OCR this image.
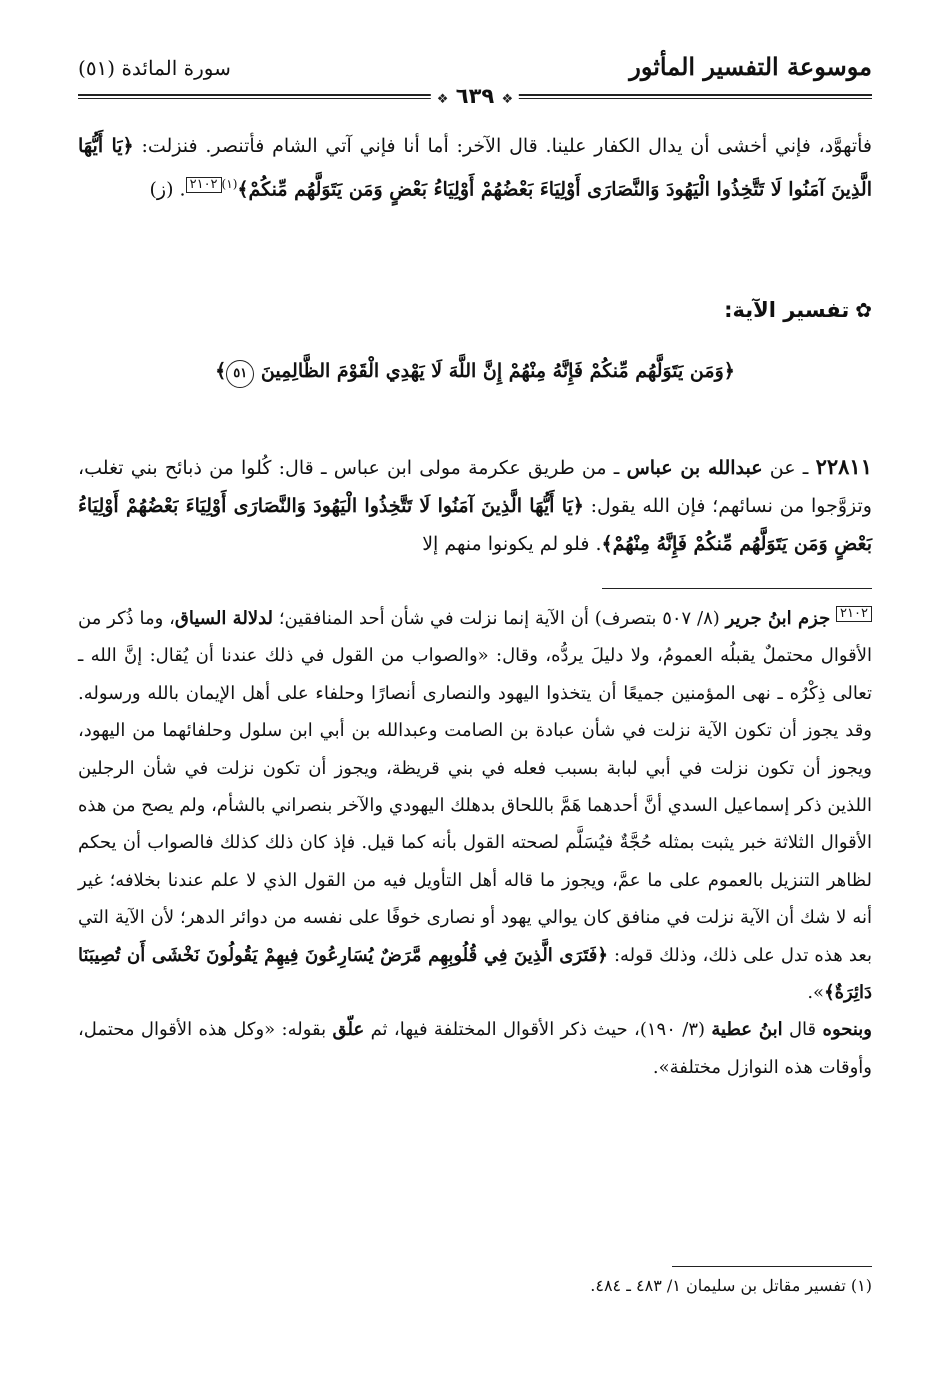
موسوعة التفسير المأثور
سورة المائدة (٥١)
❖ ٦٣٩ ❖
فأتهوَّد، فإني أخشى أن يدال الكفار علينا. قال الآخر: أما أنا فإني آتي الشام فأتنصر. فنزلت: ﴿يَا أَيُّهَا الَّذِينَ آمَنُوا لَا تَتَّخِذُوا الْيَهُودَ وَالنَّصَارَى أَوْلِيَاءَ بَعْضُهُمْ أَوْلِيَاءُ بَعْضٍ وَمَن يَتَوَلَّهُم مِّنكُمْ﴾$^{(١)}$٢١٠٢. (ز)
✿تفسير الآية:
﴿وَمَن يَتَوَلَّهُم مِّنكُمْ فَإِنَّهُ مِنْهُمْ إِنَّ اللَّهَ لَا يَهْدِي الْقَوْمَ الظَّالِمِينَ ٥١﴾
٢٢٨١١ ـ عن عبدالله بن عباس ـ من طريق عكرمة مولى ابن عباس ـ قال: كُلوا من ذبائح بني تغلب، وتزوَّجوا من نسائهم؛ فإن الله يقول: ﴿يَا أَيُّهَا الَّذِينَ آمَنُوا لَا تَتَّخِذُوا الْيَهُودَ وَالنَّصَارَى أَوْلِيَاءَ بَعْضُهُمْ أَوْلِيَاءُ بَعْضٍ وَمَن يَتَوَلَّهُم مِّنكُمْ فَإِنَّهُ مِنْهُمْ﴾. فلو لم يكونوا منهم إلا
٢١٠٢ جزم ابنُ جرير (٨/ ٥٠٧ بتصرف) أن الآية إنما نزلت في شأن أحد المنافقين؛ لدلالة السياق، وما ذُكر من الأقوال محتملٌ يقبلُه العمومُ، ولا دليلَ يردُّه، وقال: «والصواب من القول في ذلك عندنا أن يُقال: إنَّ الله ـ تعالى ذِكْرُه ـ نهى المؤمنين جميعًا أن يتخذوا اليهود والنصارى أنصارًا وحلفاء على أهل الإيمان بالله ورسوله. وقد يجوز أن تكون الآية نزلت في شأن عبادة بن الصامت وعبدالله بن أبي ابن سلول وحلفائهما من اليهود، ويجوز أن تكون نزلت في أبي لبابة بسبب فعله في بني قريظة، ويجوز أن تكون نزلت في شأن الرجلين اللذين ذكر إسماعيل السدي أنَّ أحدهما هَمَّ باللحاق بدهلك اليهودي والآخر بنصراني بالشأم، ولم يصح من هذه الأقوال الثلاثة خبر يثبت بمثله حُجَّةٌ فيُسَلَّم لصحته القول بأنه كما قيل. فإذ كان ذلك كذلك فالصواب أن يحكم لظاهر التنزيل بالعموم على ما عمَّ، ويجوز ما قاله أهل التأويل فيه من القول الذي لا علم عندنا بخلافه؛ غير أنه لا شك أن الآية نزلت في منافق كان يوالي يهود أو نصارى خوفًا على نفسه من دوائر الدهر؛ لأن الآية التي بعد هذه تدل على ذلك، وذلك قوله: ﴿فَتَرَى الَّذِينَ فِي قُلُوبِهِم مَّرَضٌ يُسَارِعُونَ فِيهِمْ يَقُولُونَ نَخْشَى أَن تُصِيبَنَا دَائِرَةٌ﴾».
وبنحوه قال ابنُ عطية (٣/ ١٩٠)، حيث ذكر الأقوال المختلفة فيها، ثم علّق بقوله: «وكل هذه الأقوال محتمل، وأوقات هذه النوازل مختلفة».
(١) تفسير مقاتل بن سليمان ١/ ٤٨٣ ـ ٤٨٤.
